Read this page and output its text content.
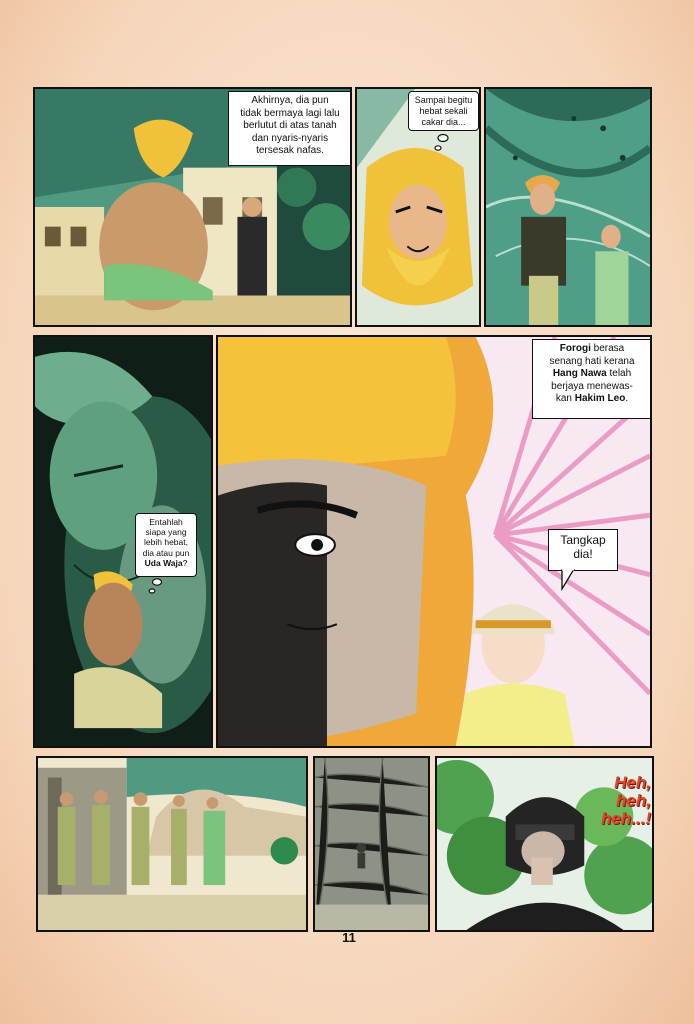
Akhirnya, dia pun
tidak bermaya lagi lalu
berlutut di atas tanah
dan nyaris-nyaris
tersesak nafas.
Sampai begitu
hebat sekali
cakar dia...
Entahlah
siapa yang
lebih hebat,
dia atau pun
Uda Waja?
Forogi berasa
senang hati kerana
Hang Nawa telah
berjaya menewas-
kan Hakim Leo.
Tangkap
dia!
Heh,
heh,
heh...!
11
